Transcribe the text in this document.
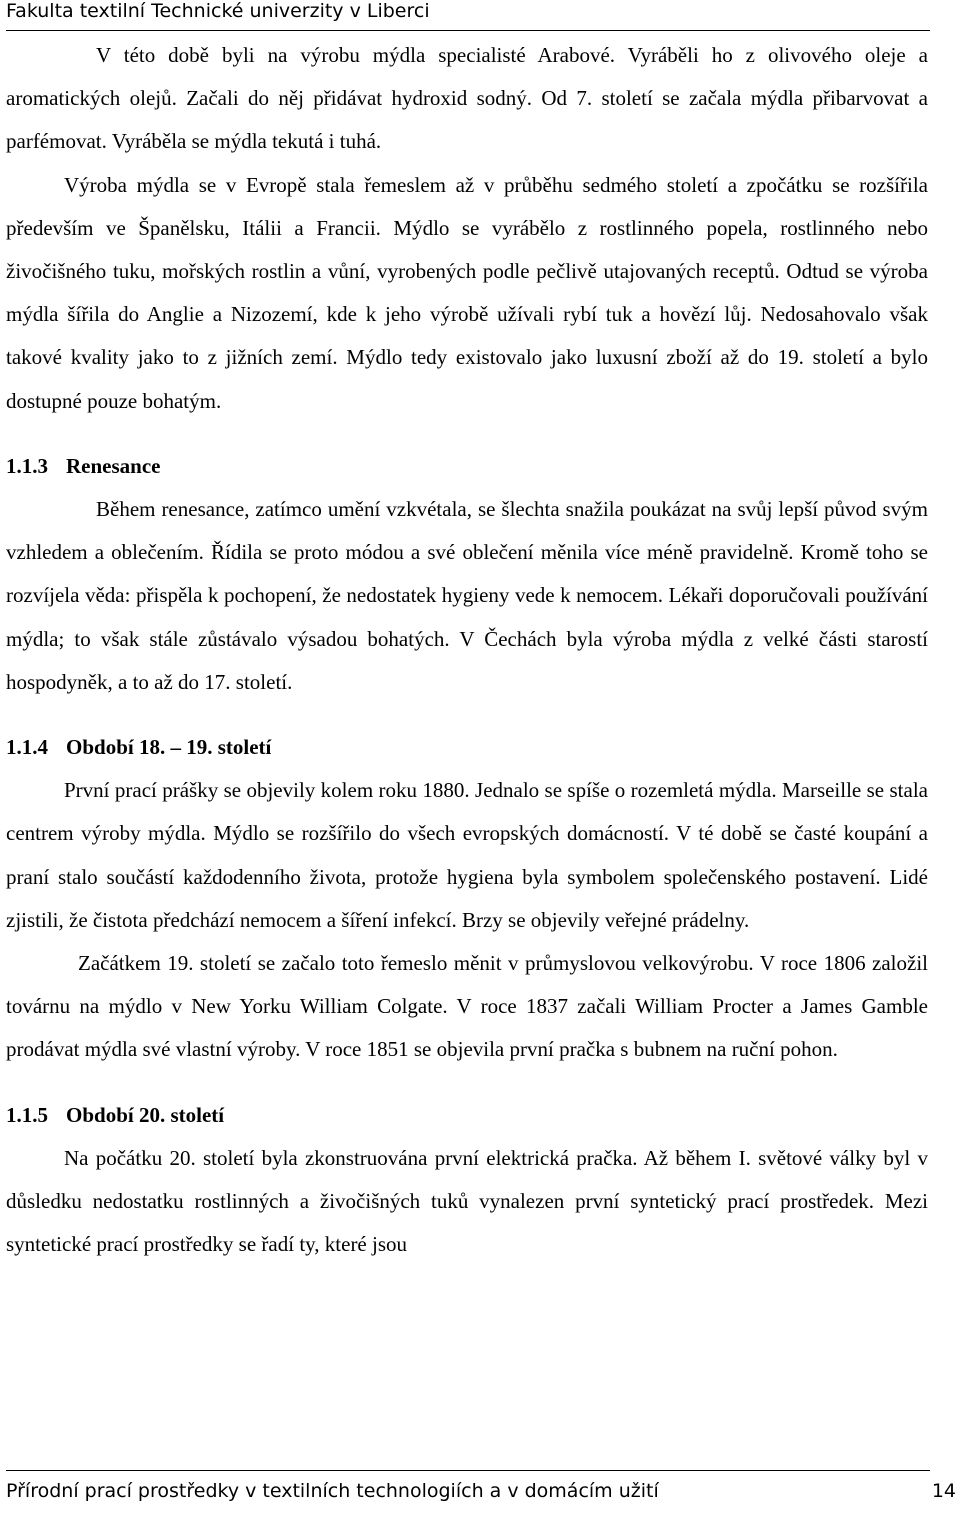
Fakulta textilní Technické univerzity v Liberci

V této době byli na výrobu mýdla specialisté Arabové. Vyráběli ho z olivového oleje a aromatických olejů. Začali do něj přidávat hydroxid sodný. Od 7. století se začala mýdla přibarvovat a parfémovat. Vyráběla se mýdla tekutá i tuhá.

Výroba mýdla se v Evropě stala řemeslem až v průběhu sedmého století a zpočátku se rozšířila především ve Španělsku, Itálii a Francii. Mýdlo se vyrábělo z rostlinného popela, rostlinného nebo živočišného tuku, mořských rostlin a vůní, vyrobených podle pečlivě utajovaných receptů. Odtud se výroba mýdla šířila do Anglie a Nizozemí, kde k jeho výrobě užívali rybí tuk a hovězí lůj. Nedosahovalo však takové kvality jako to z jižních zemí. Mýdlo tedy existovalo jako luxusní zboží až do 19. století a bylo dostupné pouze bohatým.

1.1.3 Renesance

Během renesance, zatímco umění vzkvétala, se šlechta snažila poukázat na svůj lepší původ svým vzhledem a oblečením. Řídila se proto módou a své oblečení měnila více méně pravidelně. Kromě toho se rozvíjela věda: přispěla k pochopení, že nedostatek hygieny vede k nemocem. Lékaři doporučovali používání mýdla; to však stále zůstávalo výsadou bohatých. V Čechách byla výroba mýdla z velké části starostí hospodyněk, a to až do 17. století.

1.1.4 Období 18. – 19. století

První prací prášky se objevily kolem roku 1880. Jednalo se spíše o rozemletá mýdla. Marseille se stala centrem výroby mýdla. Mýdlo se rozšířilo do všech evropských domácností. V té době se časté koupání a praní stalo součástí každodenního života, protože hygiena byla symbolem společenského postavení. Lidé zjistili, že čistota předchází nemocem a šíření infekcí. Brzy se objevily veřejné prádelny.

Začátkem 19. století se začalo toto řemeslo měnit v průmyslovou velkovýrobu. V roce 1806 založil továrnu na mýdlo v New Yorku William Colgate. V roce 1837 začali William Procter a James Gamble prodávat mýdla své vlastní výroby. V roce 1851 se objevila první pračka s bubnem na ruční pohon.

1.1.5 Období 20. století

Na počátku 20. století byla zkonstruována první elektrická pračka. Až během I. světové války byl v důsledku nedostatku rostlinných a živočišných tuků vynalezen první syntetický prací prostředek. Mezi syntetické prací prostředky se řadí ty, které jsou

Přírodní prací prostředky v textilních technologiích a v domácím užití	14
